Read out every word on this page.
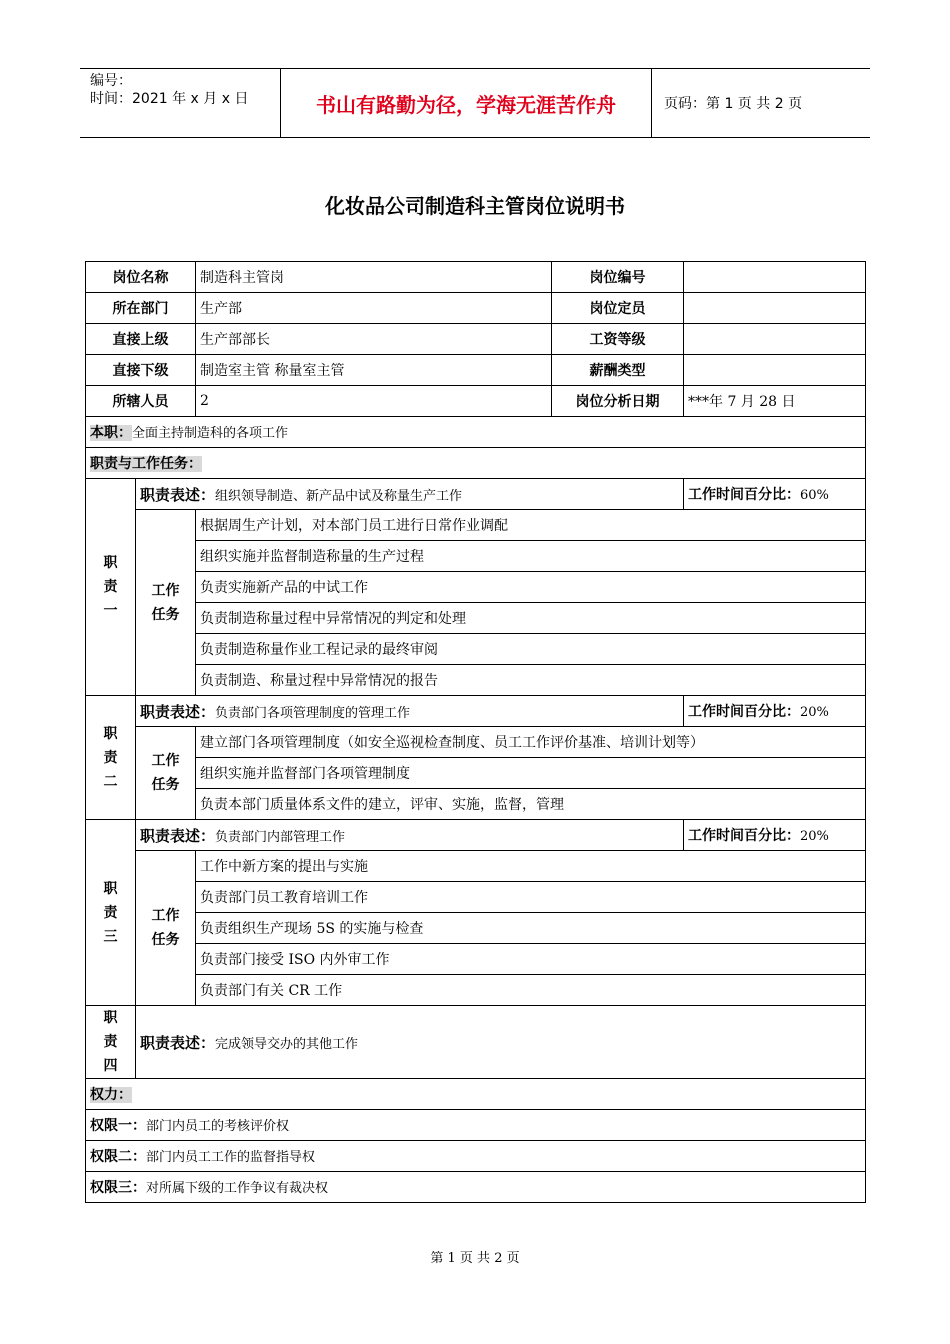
编号：
时间：2021 年 x 月 x 日	书山有路勤为径，学海无涯苦作舟	页码：第 1 页 共 2 页
化妆品公司制造科主管岗位说明书
岗位名称		制造科主管岗	岗位编号	
所在部门		生产部	岗位定员	
直接上级		生产部部长	工资等级	
直接下级		制造室主管 称量室主管	薪酬类型	
所辖人员		2	岗位分析日期	***年 7 月 28 日
本职：全面主持制造科的各项工作				
职责与工作任务：				

职
责
一	职责表述：组织领导制造、新产品中试及称量生产工作			工作时间百分比：60%

	工作
任务	根据周生产计划，对本部门员工进行日常作业调配		
		组织实施并监督制造称量的生产过程		
		负责实施新产品的中试工作		
		负责制造称量过程中异常情况的判定和处理		
		负责制造称量作业工程记录的最终审阅		
		负责制造、称量过程中异常情况的报告		

职
责
二	职责表述：负责部门各项管理制度的管理工作			工作时间百分比：20%

	工作
任务	建立部门各项管理制度（如安全巡视检查制度、员工工作评价基准、培训计划等）		
		组织实施并监督部门各项管理制度		
		负责本部门质量体系文件的建立，评审、实施，监督，管理		

职
责
三	职责表述：负责部门内部管理工作			工作时间百分比：20%

	工作
任务	工作中新方案的提出与实施		
		负责部门员工教育培训工作		
		负责组织生产现场 5S 的实施与检查		
		负责部门接受 ISO 内外审工作		
		负责部门有关 CR 工作		

职
责
四	职责表述：完成领导交办的其他工作			
权力：				
权限一：部门内员工的考核评价权				
权限二：部门内员工工作的监督指导权				
权限三：对所属下级的工作争议有裁决权				
第 1 页 共 2 页
